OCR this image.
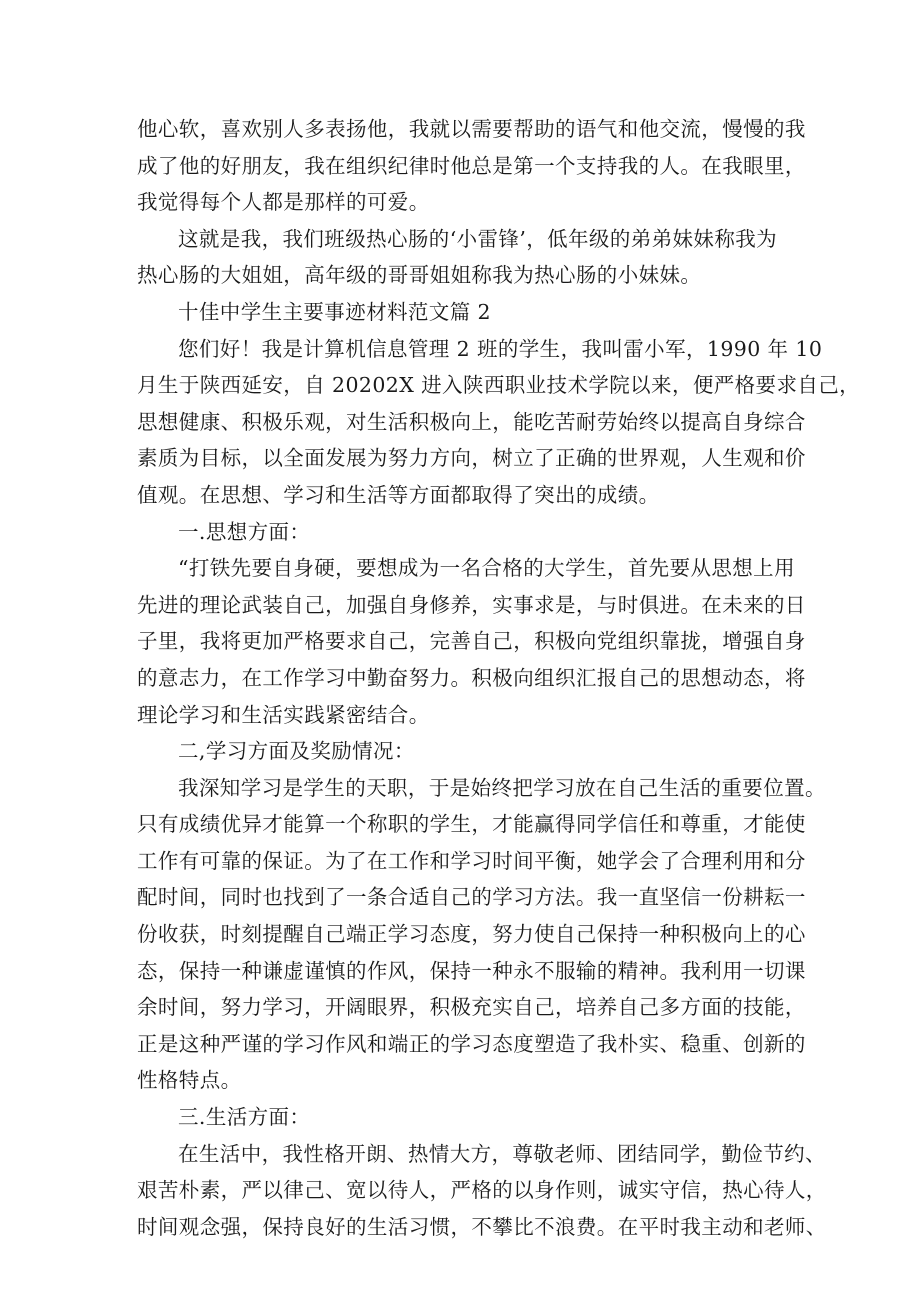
他心软，喜欢别人多表扬他，我就以需要帮助的语气和他交流，慢慢的我
成了他的好朋友，我在组织纪律时他总是第一个支持我的人。在我眼里，
我觉得每个人都是那样的可爱。
这就是我，我们班级热心肠的‘小雷锋’，低年级的弟弟妹妹称我为
热心肠的大姐姐，高年级的哥哥姐姐称我为热心肠的小妹妹。
十佳中学生主要事迹材料范文篇 2
您们好！我是计算机信息管理 2 班的学生，我叫雷小军，1990 年 10
月生于陕西延安，自 20202X 进入陕西职业技术学院以来，便严格要求自己，
思想健康、积极乐观，对生活积极向上，能吃苦耐劳始终以提高自身综合
素质为目标，以全面发展为努力方向，树立了正确的世界观，人生观和价
值观。在思想、学习和生活等方面都取得了突出的成绩。
一.思想方面：
“打铁先要自身硬，要想成为一名合格的大学生，首先要从思想上用
先进的理论武装自己，加强自身修养，实事求是，与时俱进。在未来的日
子里，我将更加严格要求自己，完善自己，积极向党组织靠拢，增强自身
的意志力，在工作学习中勤奋努力。积极向组织汇报自己的思想动态，将
理论学习和生活实践紧密结合。
二,学习方面及奖励情况：
我深知学习是学生的天职，于是始终把学习放在自己生活的重要位置。
只有成绩优异才能算一个称职的学生，才能赢得同学信任和尊重，才能使
工作有可靠的保证。为了在工作和学习时间平衡，她学会了合理利用和分
配时间，同时也找到了一条合适自己的学习方法。我一直坚信一份耕耘一
份收获，时刻提醒自己端正学习态度，努力使自己保持一种积极向上的心
态，保持一种谦虚谨慎的作风，保持一种永不服输的精神。我利用一切课
余时间，努力学习，开阔眼界，积极充实自己，培养自己多方面的技能，
正是这种严谨的学习作风和端正的学习态度塑造了我朴实、稳重、创新的
性格特点。
三.生活方面：
在生活中，我性格开朗、热情大方，尊敬老师、团结同学，勤俭节约、
艰苦朴素，严以律己、宽以待人，严格的以身作则，诚实守信，热心待人，
时间观念强，保持良好的生活习惯，不攀比不浪费。在平时我主动和老师、
